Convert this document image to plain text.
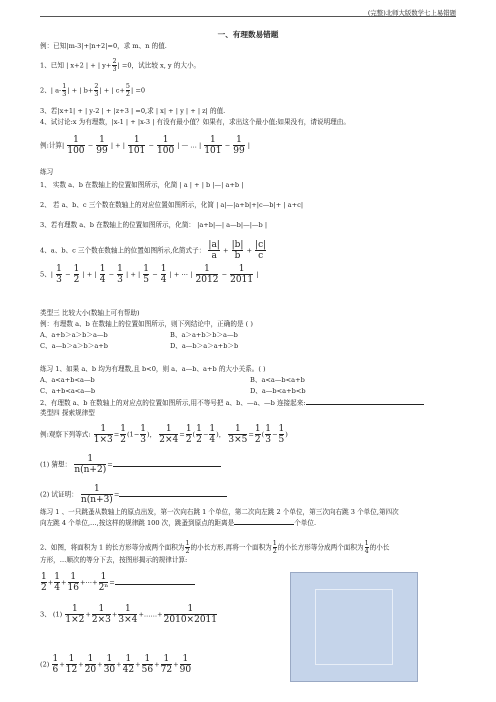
(完整)北师大版数学七上易错题
一、有理数易错题
例：已知|m-3|+|n+2|=0，求 m、n 的值.
1、已知 | x+2 | + | $y+ \frac{2}{3}$ | =0，试比较 x, y 的大小。
2、| $a- \frac{1}{3}$ | + | $b+ \frac{2}{3}$ | + | $c+ \frac{5}{2}$ | =0
3、若|x+1| + | y-2 | + |z+3 | =0,求 | x| + | y | + | z| 的值.
4、试讨论:x 为有理数，|x-1 | + |x-3 | 有没有最小值？如果有，求出这个最小值;如果没有，请说明理由。
例:计算| $\frac{1}{100} - \frac{1}{99}$ | + | $\frac{1}{101} - \frac{1}{100}$ | — … | $\frac{1}{101} - \frac{1}{99}$ |
练习
1、 实数 a、b 在数轴上的位置如图所示，化简 | a | + | b |—| a+b |
2、 若 a、b、c 三个数在数轴上的对应位置如图所示，化简 | a|—|a+b|+|c—b|+ | a+c|
3、若有理数 a、b 在数轴上的位置如图所示，化简： |a+b|—| a—b|—|—b |
4、a、b、c 三个数在数轴上的位置如图所示,化简式子： $\frac{|a|}{a} + \frac{|b|}{b} + \frac{|c|}{c}$
5、| $\frac{1}{3} - \frac{1}{2}$ | + | $\frac{1}{4} - \frac{1}{3}$ | + | $\frac{1}{5} - \frac{1}{4}$ | + ⋯ | $\frac{1}{2012} - \frac{1}{2011}$ |
类型三 比较大小(数轴上可有帮助)
例：有理数 a、b 在数轴上的位置如图所示，则下列结论中，正确的是 ( )
A、a+b＞a＞b＞a—b	B、a＞a+b＞b＞a—b
C、a—b＞a＞b＞a+b	D、a—b＞a＞a+b＞b
练习 1、如果 a、b 均为有理数,且 b<0，则 a、a—b、a+b 的大小关系。( )
A、a<a+b<a—b	B、a<a—b<a+b
C、a+b<a<a—b	D、a—b<a+b<b
2、有理数 a、b 在数轴上的对应点的位置如图所示,用不等号把 a、b、—a、—b 连接起来:
类型四 探索规律型
例:观察下列等式: $\frac{1}{1\times 3} = \frac{1}{2} (1- \frac{1}{3}$ )， $\frac{1}{2\times 4} = \frac{1}{2}$ ( $\frac{1}{2} - \frac{1}{4}$ )， $\frac{1}{3\times 5} = \frac{1}{2}$ ( $\frac{1}{3} - \frac{1}{5}$ )
(1) 猜想： $\frac{1}{n(n+2)}$ =
(2) 试证明： $\frac{1}{n(n+3)}$ =
练习 1 、一只跳蚤从数轴上的原点出发，第一次向右跳 1 个单位，第二次向左跳 2 个单位，第三次向右跳 3 个单位,第四次
向左跳 4 个单位,…,按这样的规律跳 100 次，跳蚤到原点的距离是	个单位.
2、如图，将面积为 1 的长方形等分成两个面积为 $\frac{1}{2}$ 的小长方形,再将一个面积为 $\frac{1}{2}$ 的小长方形等分成两个面积为 $\frac{1}{4}$ 的小长
方形，…顺次的等分下去，按图形揭示的规律计算:
$\frac{1}{2} + \frac{1}{4} + \frac{1}{16}$ +⋯+ $\frac{1}{\text{2ⁿ}}$ =
3、 $(1) \frac{1}{1\times 2} + \frac{1}{2\times 3} + \frac{1}{3\times 4}$ +……+ $\frac{1}{2010\times 2011}$
$(2) \frac{1}{6} + \frac{1}{12} + \frac{1}{20} + \frac{1}{30} + \frac{1}{42} + \frac{1}{56} + \frac{1}{72} + \frac{1}{90}$
